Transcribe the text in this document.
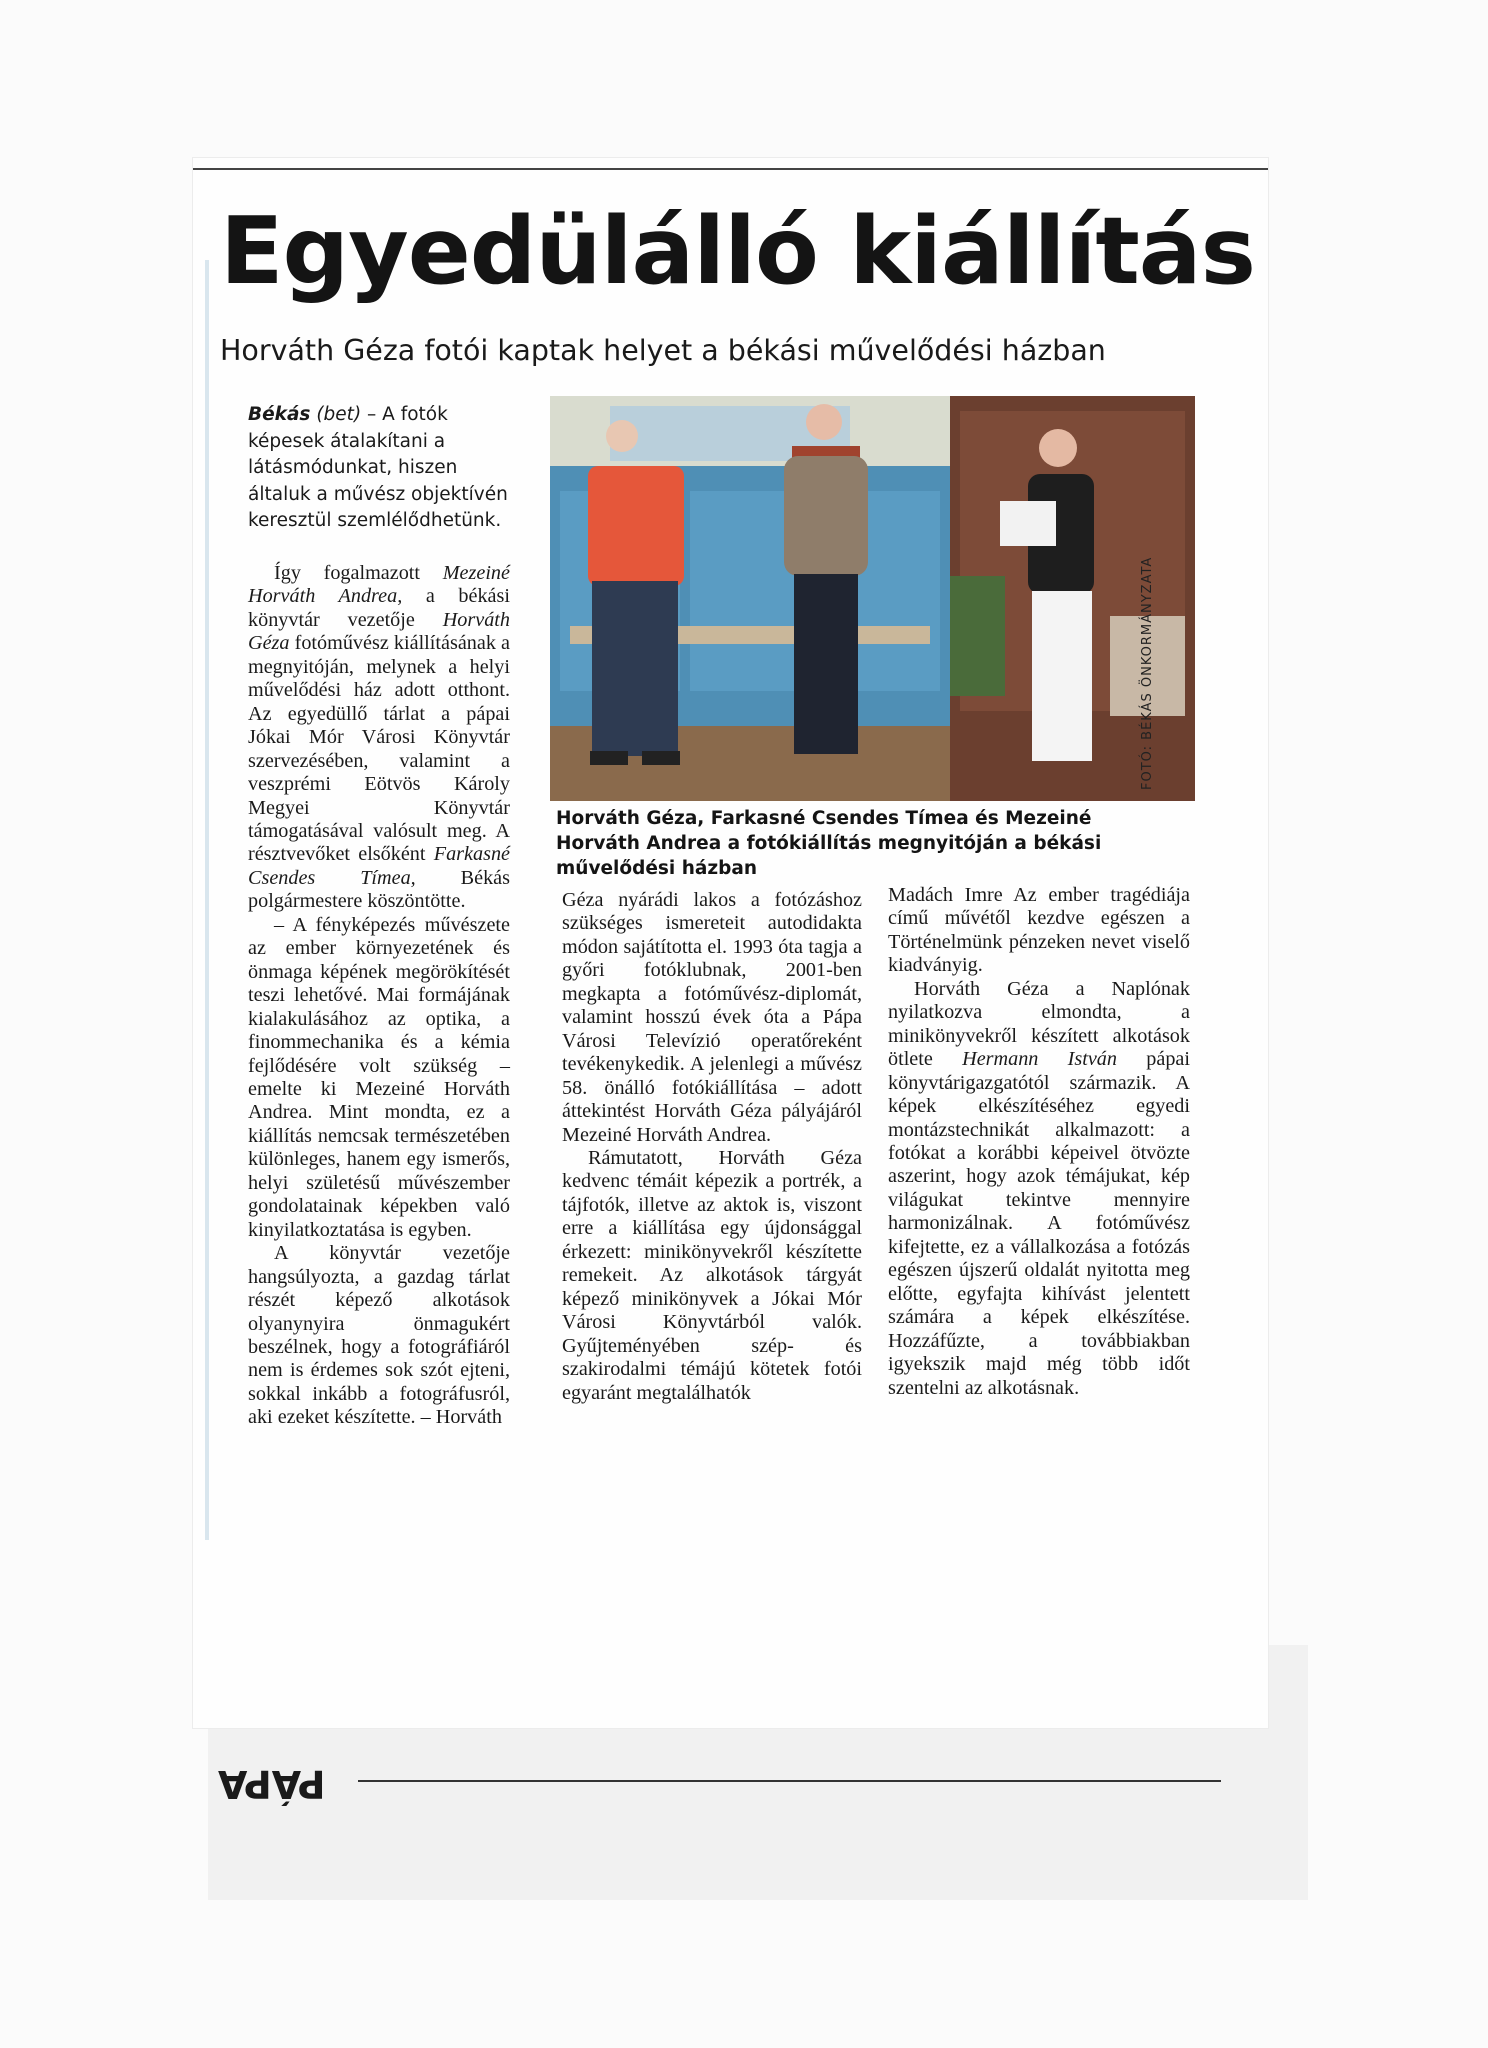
Egyedülálló kiállítás
Horváth Géza fotói kaptak helyet a békási művelődési házban
Békás (bet) – A fotók képesek átalakítani a látásmódunkat, hiszen általuk a művész objektívén keresztül szemlélődhetünk.
FOTÓ: BÉKÁS ÖNKORMÁNYZATA
Horváth Géza, Farkasné Csendes Tímea és Mezeiné Horváth Andrea a fotókiállítás megnyitóján a békási művelődési házban

Így fogalmazott Mezeiné Horváth Andrea, a békási könyvtár vezetője Horváth Géza fotóművész kiállításának a megnyitóján, melynek a helyi művelődési ház adott otthont. Az egyedüllő tárlat a pápai Jókai Mór Városi Könyvtár szervezésében, valamint a veszprémi Eötvös Károly Megyei Könyvtár támogatásával valósult meg. A résztvevőket elsőként Farkasné Csendes Tímea, Békás polgármestere köszöntötte.

– A fényképezés művészete az ember környezetének és önmaga képének megörökítését teszi lehetővé. Mai formájának kialakulásához az optika, a finommechanika és a kémia fejlődésére volt szükség – emelte ki Mezeiné Horváth Andrea. Mint mondta, ez a kiállítás nemcsak természetében különleges, hanem egy ismerős, helyi születésű művészember gondolatainak képekben való kinyilatkoztatása is egyben.

A könyvtár vezetője hangsúlyozta, a gazdag tárlat részét képező alkotások olyanynyira önmagukért beszélnek, hogy a fotográfiáról nem is érdemes sok szót ejteni, sokkal inkább a fotográfusról, aki ezeket készítette. – Horváth

Géza nyárádi lakos a fotózáshoz szükséges ismereteit autodidakta módon sajátította el. 1993 óta tagja a győri fotóklubnak, 2001-ben megkapta a fotóművész-diplomát, valamint hosszú évek óta a Pápa Városi Televízió operatőreként tevékenykedik. A jelenlegi a művész 58. önálló fotókiállítása – adott áttekintést Horváth Géza pályájáról Mezeiné Horváth Andrea.

Rámutatott, Horváth Géza kedvenc témáit képezik a portrék, a tájfotók, illetve az aktok is, viszont erre a kiállítása egy újdonsággal érkezett: minikönyvekről készítette remekeit. Az alkotások tárgyát képező minikönyvek a Jókai Mór Városi Könyvtárból valók. Gyűjteményében szép- és szakirodalmi témájú kötetek fotói egyaránt megtalálhatók

Madách Imre Az ember tragédiája című művétől kezdve egészen a Történelmünk pénzeken nevet viselő kiadványig.

Horváth Géza a Naplónak nyilatkozva elmondta, a minikönyvekről készített alkotások ötlete Hermann István pápai könyvtárigazgatótól származik. A képek elkészítéséhez egyedi montázstechnikát alkalmazott: a fotókat a korábbi képeivel ötvözte aszerint, hogy azok témájukat, kép világukat tekintve mennyire harmonizálnak. A fotóművész kifejtette, ez a vállalkozása a fotózás egészen újszerű oldalát nyitotta meg előtte, egyfajta kihívást jelentett számára a képek elkészítése. Hozzáfűzte, a továbbiakban igyekszik majd még több időt szentelni az alkotásnak.

PÁPA
